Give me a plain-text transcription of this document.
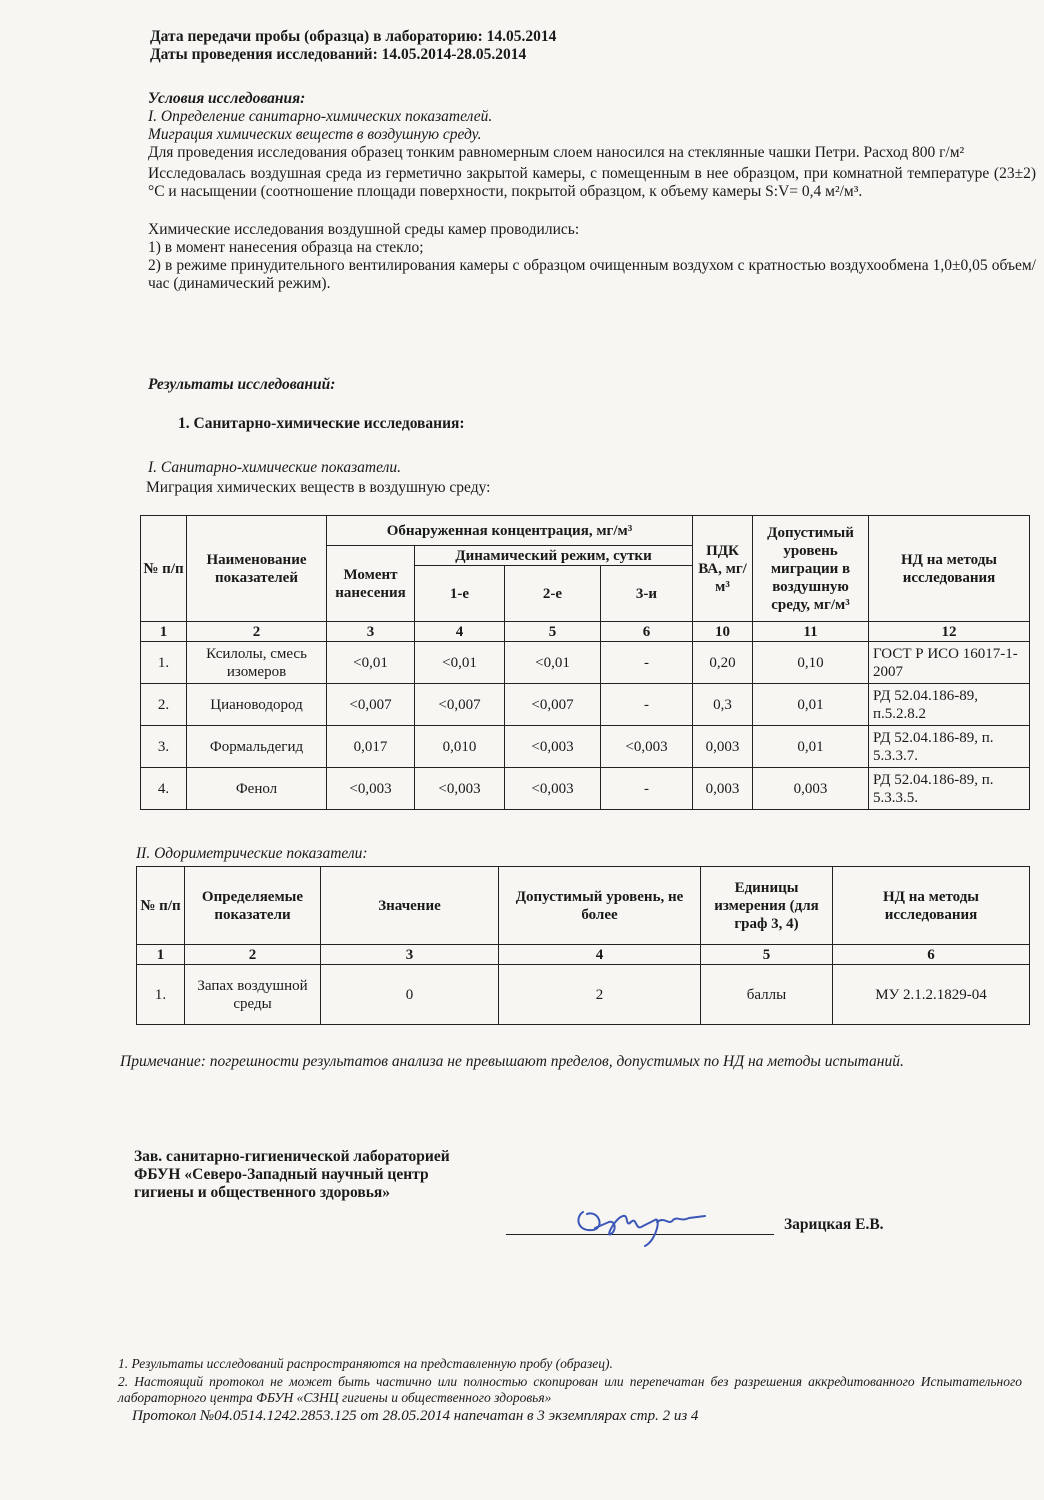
Дата передачи пробы (образца) в лабораторию: 14.05.2014

Даты проведения исследований: 14.05.2014-28.05.2014

Условия исследования:

I. Определение санитарно-химических показателей.

Миграция химических веществ в воздушную среду.

Для проведения исследования образец тонким равномерным слоем наносился на стеклянные чашки Петри. Расход 800 г/м²

Исследовалась воздушная среда из герметично закрытой камеры, с помещенным в нее образцом, при комнатной температуре (23±2)°С и насыщении (соотношение площади поверхности, покрытой образцом, к объему камеры S:V= 0,4 м²/м³.

Химические исследования воздушной среды камер проводились:

1) в момент нанесения образца на стекло;

2) в режиме принудительного вентилирования камеры с образцом очищенным воздухом с кратностью воздухообмена 1,0±0,05 объем/час (динамический режим).

Результаты исследований:

1. Санитарно-химические исследования:

I. Санитарно-химические показатели.

Миграция химических веществ в воздушную среду:

№ п/п	Наименование показателей	Обнаруженная концентрация, мг/м³				ПДК ВА, мг/м³	Допустимый уровень миграции в воздушную среду, мг/м³	НД на методы исследования
		Момент нанесения	Динамический режим, сутки					
			1-е	2-е	3-и			
1	2	3	4	5	6	10	11	12
1.	Ксилолы, смесь изомеров	<0,01	<0,01	<0,01	-	0,20	0,10	ГОСТ Р ИСО 16017-1-2007
2.	Циановодород	<0,007	<0,007	<0,007	-	0,3	0,01	РД 52.04.186-89, п.5.2.8.2
3.	Формальдегид	0,017	0,010	<0,003	<0,003	0,003	0,01	РД 52.04.186-89, п. 5.3.3.7.
4.	Фенол	<0,003	<0,003	<0,003	-	0,003	0,003	РД 52.04.186-89, п. 5.3.3.5.

II. Одориметрические показатели:

№ п/п	Определяемые показатели	Значение	Допустимый уровень, не более	Единицы измерения (для граф 3, 4)	НД на методы исследования
1	2	3	4	5	6
1.	Запах воздушной среды	0	2	баллы	МУ 2.1.2.1829-04

Примечание: погрешности результатов анализа не превышают пределов, допустимых по НД на методы испытаний.

Зав. санитарно-гигиенической лабораторией

ФБУН «Северо-Западный научный центр

гигиены и общественного здоровья»

Зарицкая Е.В.

1. Результаты исследований распространяются на представленную пробу (образец).

2. Настоящий протокол не может быть частично или полностью скопирован или перепечатан без разрешения аккредитованного Испытательного лабораторного центра ФБУН «СЗНЦ гигиены и общественного здоровья»

Протокол №04.0514.1242.2853.125 от 28.05.2014 напечатан в 3 экземплярах стр. 2 из 4
